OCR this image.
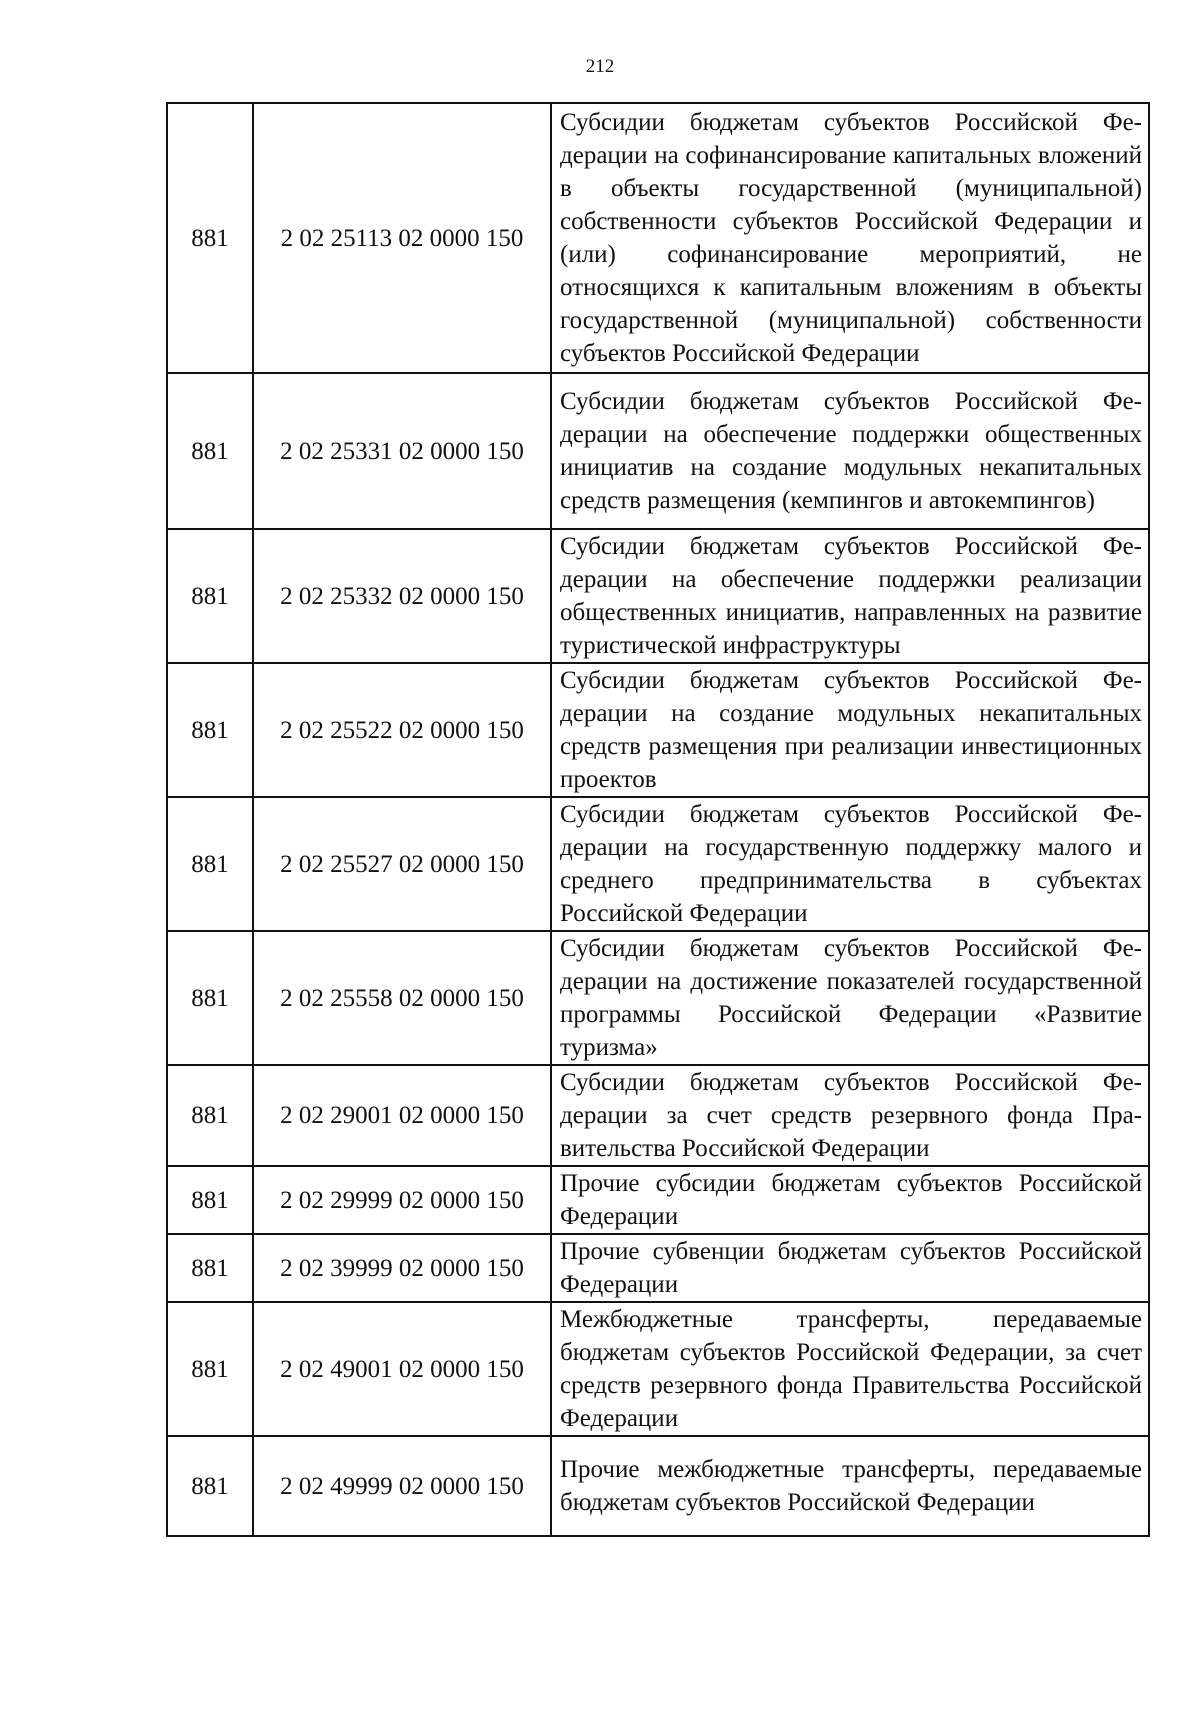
212
881	2 02 25113 02 0000 150	Субсидии бюджетам субъектов Российской Федерации на софинансирование капитальных вложений в объекты государственной (муниципальной) собственности субъектов Российской Федерации и (или) софинансирование мероприятий, не относящихся к капитальным вложениям в объекты государственной (муниципальной) собственности субъектов Российской Федерации
881	2 02 25331 02 0000 150	Субсидии бюджетам субъектов Российской Федерации на обеспечение поддержки общественных инициатив на создание модульных некапитальных средств размещения (кемпингов и автокемпингов)
881	2 02 25332 02 0000 150	Субсидии бюджетам субъектов Российской Федерации на обеспечение поддержки реализации общественных инициатив, направленных на развитие туристической инфраструктуры
881	2 02 25522 02 0000 150	Субсидии бюджетам субъектов Российской Федерации на создание модульных некапитальных средств размещения при реализации инвестиционных проектов
881	2 02 25527 02 0000 150	Субсидии бюджетам субъектов Российской Федерации на государственную поддержку малого и среднего предпринимательства в субъектах Российской Федерации
881	2 02 25558 02 0000 150	Субсидии бюджетам субъектов Российской Федерации на достижение показателей государственной программы Российской Федерации «Развитие туризма»
881	2 02 29001 02 0000 150	Субсидии бюджетам субъектов Российской Федерации за счет средств резервного фонда Правительства Российской Федерации
881	2 02 29999 02 0000 150	Прочие субсидии бюджетам субъектов Российской Федерации
881	2 02 39999 02 0000 150	Прочие субвенции бюджетам субъектов Российской Федерации
881	2 02 49001 02 0000 150	Межбюджетные трансферты, передаваемые бюджетам субъектов Российской Федерации, за счет средств резервного фонда Правительства Российской Федерации
881	2 02 49999 02 0000 150	Прочие межбюджетные трансферты, передаваемые бюджетам субъектов Российской Федерации
